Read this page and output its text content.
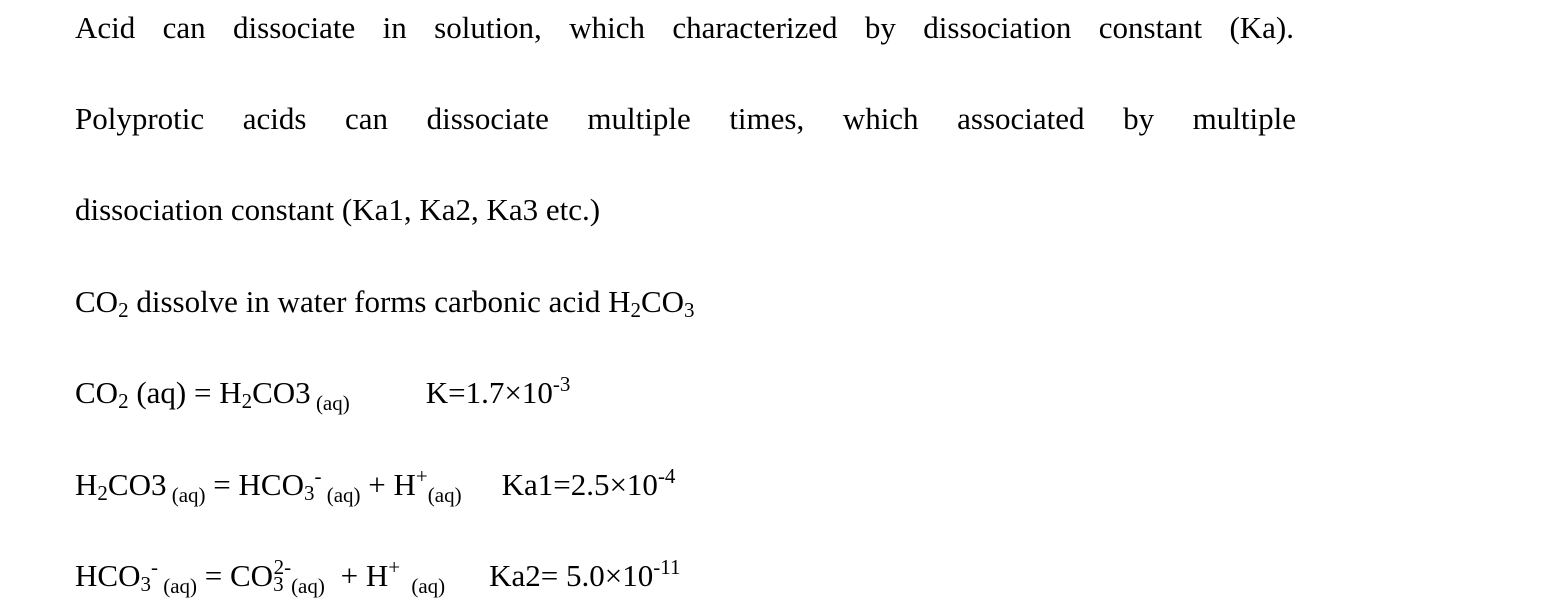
Acid can dissociate in solution, which characterized by dissociation constant (Ka).
Polyprotic acids can dissociate multiple times, which associated by multiple
dissociation constant (Ka1, Ka2, Ka3 etc.)
CO2 dissolve in water forms carbonic acid H2CO3
CO2 (aq) = H2CO3 $_{(aq)}$ $K=1.7\times 10^{-3}$
H2CO3 $_{(aq)}$ = HCO3- $_{(aq)} + H^+_{(aq)}$ $Ka1=2.5\times 10^{-4}$
HCO3- $_{(aq)} = CO3^{2-}_{(aq)} + H^+$ $_{(aq)}$ $Ka2= 5.0\times 10^{-11}$
